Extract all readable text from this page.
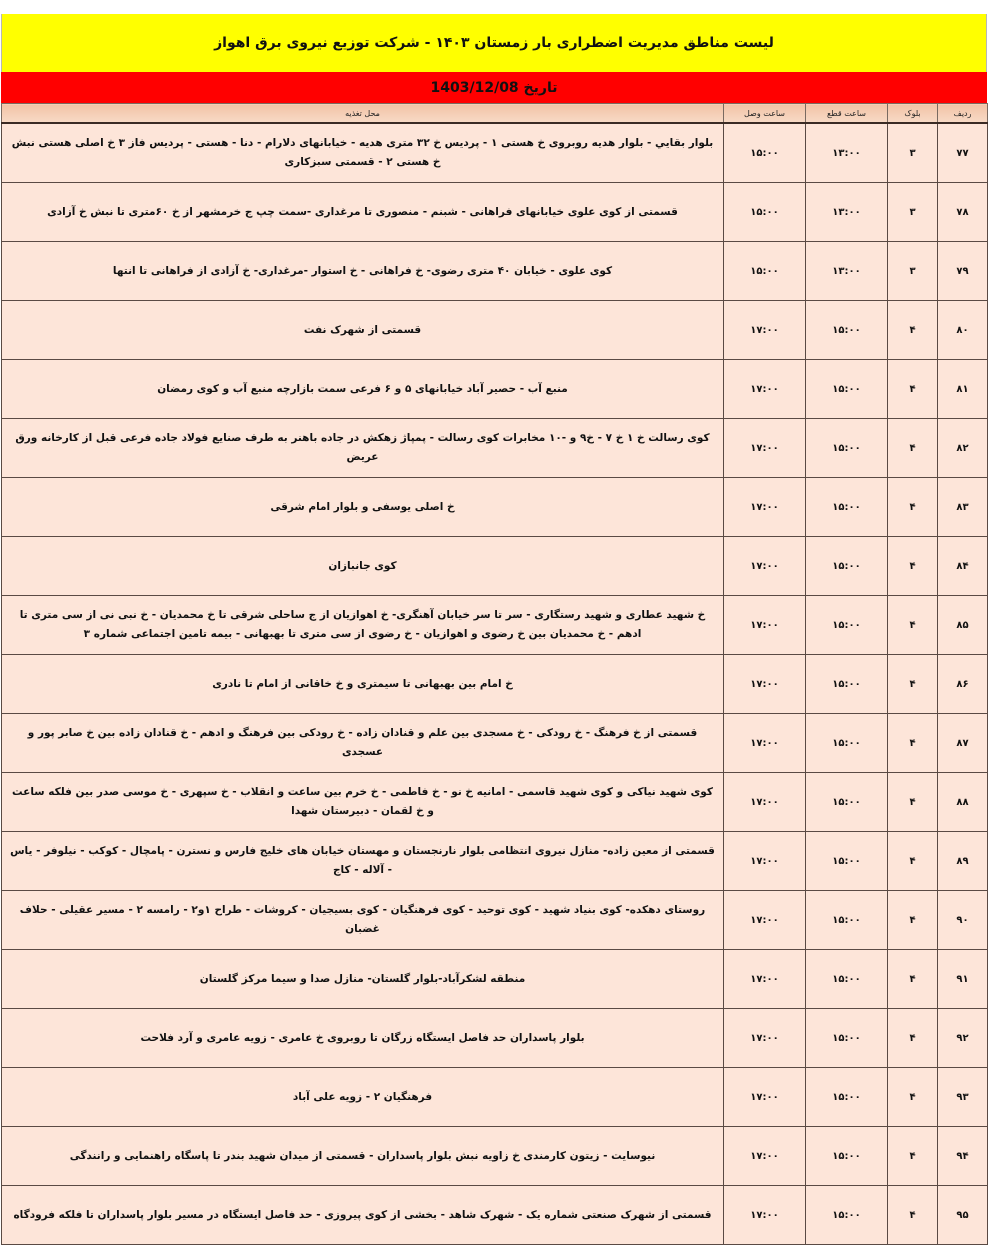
لیست مناطق مدیریت اضطراری بار زمستان ۱۴۰۳ - شرکت توزیع نیروی برق اهواز
تاریخ 1403/12/08
ردیف	بلوک	ساعت قطع	ساعت وصل	محل تغذیه
۷۷	۳	۱۳:۰۰	۱۵:۰۰	بلوار بقايي - بلوار هدیه روبروی خ هستی ۱ - پردیس خ ۳۲ متری هدیه - خیابانهای دلارام - دنا - هستی - پردیس فاز ۳ خ اصلی هستی نبش خ هستی ۲ - قسمتی سبزکاری
۷۸	۳	۱۳:۰۰	۱۵:۰۰	قسمتی از کوی علوی خیابانهای فراهانی - شبنم - منصوری تا مرغداری -سمت چپ ج خرمشهر از خ ۶۰متری تا نبش خ آزادی
۷۹	۳	۱۳:۰۰	۱۵:۰۰	کوی علوی - خیابان ۴۰ متری رضوی- خ فراهانی - خ استوار -مرغداری- خ آزادی از فراهانی تا انتها
۸۰	۴	۱۵:۰۰	۱۷:۰۰	قسمتی از شهرک نفت
۸۱	۴	۱۵:۰۰	۱۷:۰۰	منبع آب - حصیر آباد خیابانهای ۵ و ۶ فرعی سمت بازارچه منبع آب و کوی رمضان
۸۲	۴	۱۵:۰۰	۱۷:۰۰	کوی رسالت خ ۱ خ ۷ - خ۹ و -۱۰ مخابرات کوی رسالت - پمپاژ زهکش در جاده باهنر به طرف صنایع فولاد جاده فرعی قبل از کارخانه ورق عریض
۸۳	۴	۱۵:۰۰	۱۷:۰۰	خ اصلی یوسفی و بلوار امام شرقی
۸۴	۴	۱۵:۰۰	۱۷:۰۰	کوی جانبازان
۸۵	۴	۱۵:۰۰	۱۷:۰۰	خ شهید عطاری و شهید رستگاری - سر تا سر خیابان آهنگری- خ اهوازیان از ج ساحلی شرقی تا خ محمدیان - خ نبی نی از سی متری تا ادهم - خ محمدیان بین خ رضوی و اهوازیان - خ رضوی از سی متری تا بهبهانی - بیمه تامین اجتماعی شماره ۳
۸۶	۴	۱۵:۰۰	۱۷:۰۰	خ امام بین بهبهانی تا سیمتری و خ خاقانی از امام تا نادری
۸۷	۴	۱۵:۰۰	۱۷:۰۰	قسمتی از خ فرهنگ - خ رودکی - خ مسجدی بین علم و قنادان زاده - خ رودکی بین فرهنگ و ادهم - خ قنادان زاده بین خ صابر پور و عسجدی
۸۸	۴	۱۵:۰۰	۱۷:۰۰	کوی شهید نیاکی و کوی شهید قاسمی - امانیه خ نو - خ فاطمی - خ خرم بین ساعت و انقلاب - خ سپهری - خ موسی صدر بین فلکه ساعت و خ لقمان - دبیرستان شهدا
۸۹	۴	۱۵:۰۰	۱۷:۰۰	قسمتی از معین زاده- منازل نیروی انتظامی بلوار نارنجستان و مهستان خیابان های خلیج فارس و نسترن - پامچال - کوکب - نیلوفر - یاس - آلاله - کاج
۹۰	۴	۱۵:۰۰	۱۷:۰۰	روستای دهکده- کوی بنیاد شهید - کوی توحید - کوی فرهنگیان - کوی بسیجیان - کروشات - طراح ۱و۲ - رامسه ۲ - مسیر عقیلی - حلاف غضبان
۹۱	۴	۱۵:۰۰	۱۷:۰۰	منطقه لشکرآباد-بلوار گلستان- منازل صدا و سیما مرکز گلستان
۹۲	۴	۱۵:۰۰	۱۷:۰۰	بلوار پاسداران حد فاصل ایستگاه زرگان تا روبروی خ عامری - زویه عامری و آرد فلاحت
۹۳	۴	۱۵:۰۰	۱۷:۰۰	فرهنگیان ۲ - زویه علی آباد
۹۴	۴	۱۵:۰۰	۱۷:۰۰	نیوسایت - زیتون کارمندی خ زاویه نبش بلوار پاسداران - قسمتی از میدان شهید بندر تا پاسگاه راهنمایی و رانندگی
۹۵	۴	۱۵:۰۰	۱۷:۰۰	قسمتی از شهرک صنعتی شماره یک - شهرک شاهد - بخشی از کوی پیروزی - حد فاصل ایستگاه در مسیر بلوار پاسداران تا فلکه فرودگاه
